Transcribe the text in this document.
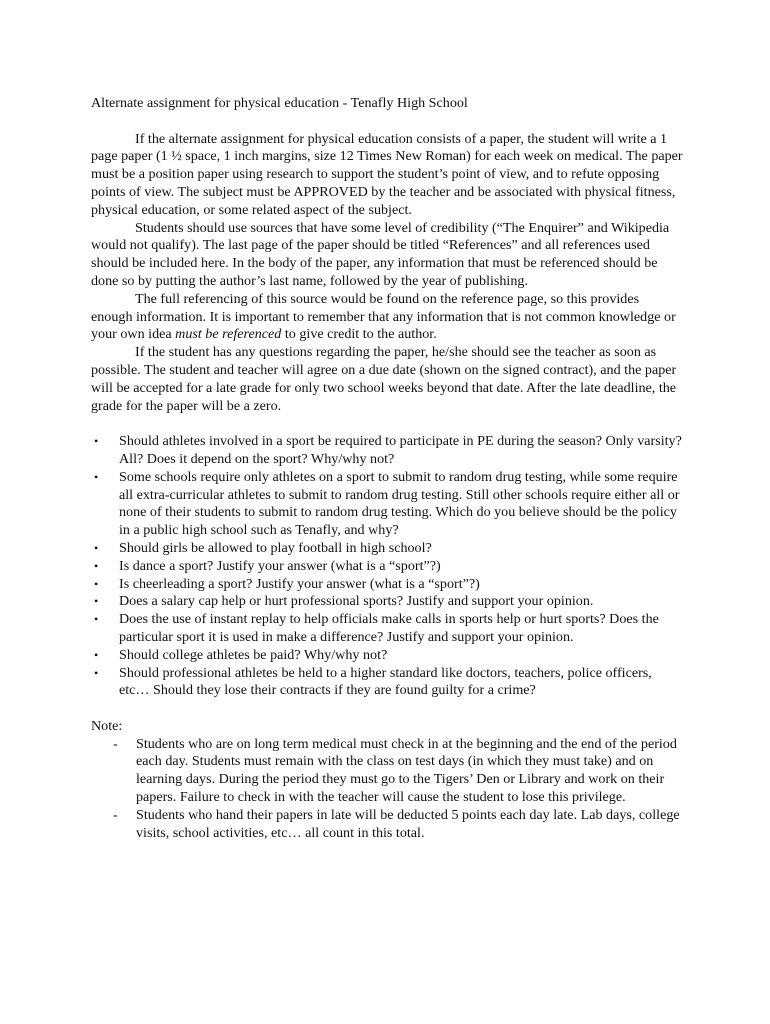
Alternate assignment for physical education - Tenafly High School

If the alternate assignment for physical education consists of a paper, the student will write a 1 page paper (1 ½ space, 1 inch margins, size 12 Times New Roman) for each week on medical. The paper must be a position paper using research to support the student’s point of view, and to refute opposing points of view. The subject must be APPROVED by the teacher and be associated with physical fitness, physical education, or some related aspect of the subject.

Students should use sources that have some level of credibility (“The Enquirer” and Wikipedia would not qualify). The last page of the paper should be titled “References” and all references used should be included here. In the body of the paper, any information that must be referenced should be done so by putting the author’s last name, followed by the year of publishing.

The full referencing of this source would be found on the reference page, so this provides enough information. It is important to remember that any information that is not common knowledge or your own idea must be referenced to give credit to the author.

If the student has any questions regarding the paper, he/she should see the teacher as soon as possible. The student and teacher will agree on a due date (shown on the signed contract), and the paper will be accepted for a late grade for only two school weeks beyond that date. After the late deadline, the grade for the paper will be a zero.

• Should athletes involved in a sport be required to participate in PE during the season? Only varsity? All? Does it depend on the sport? Why/why not?
• Some schools require only athletes on a sport to submit to random drug testing, while some require all extra-curricular athletes to submit to random drug testing. Still other schools require either all or none of their students to submit to random drug testing. Which do you believe should be the policy in a public high school such as Tenafly, and why?
• Should girls be allowed to play football in high school?
• Is dance a sport? Justify your answer (what is a “sport”?)
• Is cheerleading a sport? Justify your answer (what is a “sport”?)
• Does a salary cap help or hurt professional sports? Justify and support your opinion.
• Does the use of instant replay to help officials make calls in sports help or hurt sports? Does the particular sport it is used in make a difference? Justify and support your opinion.
• Should college athletes be paid? Why/why not?
• Should professional athletes be held to a higher standard like doctors, teachers, police officers, etc… Should they lose their contracts if they are found guilty for a crime?

Note:

- Students who are on long term medical must check in at the beginning and the end of the period each day. Students must remain with the class on test days (in which they must take) and on learning days. During the period they must go to the Tigers’ Den or Library and work on their papers. Failure to check in with the teacher will cause the student to lose this privilege.
- Students who hand their papers in late will be deducted 5 points each day late. Lab days, college visits, school activities, etc… all count in this total.
